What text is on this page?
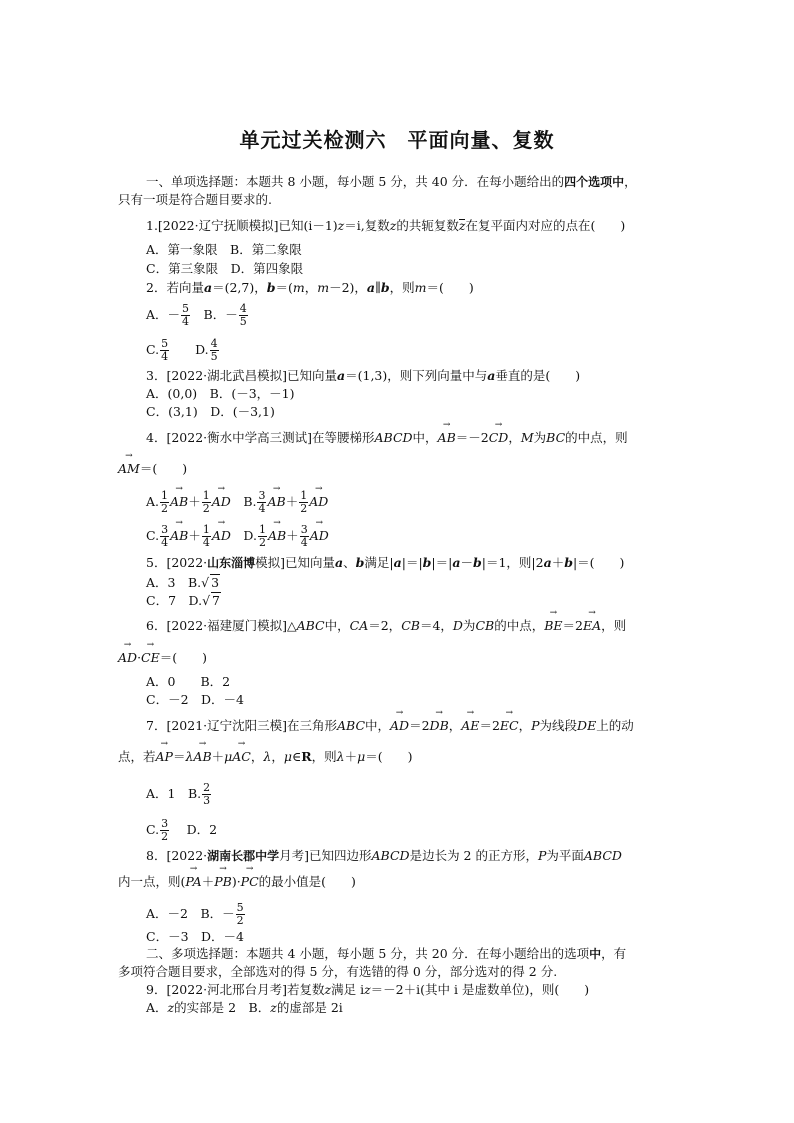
单元过关检测六　平面向量、复数
一、单项选择题：本题共 8 小题，每小题 5 分，共 40 分．在每小题给出的四个选项中，
只有一项是符合题目要求的.
1.[2022·辽宁抚顺模拟]已知(i－1)z＝i,复数z的共轭复数z在复平面内对应的点在(　　)
A．第一象限　B．第二象限
C．第三象限　D．第四象限
2．若向量a＝(2,7)，b＝(m，m－2)，a∥b，则m＝(　　)
A．－ $\frac{5}{4}$ 　B．－ $\frac{4}{5}$
C. $\frac{5}{4}$ 　　D. $\frac{4}{5}$
3．[2022·湖北武昌模拟]已知向量a＝(1,3)，则下列向量中与a垂直的是(　　)
A．(0,0)　B．(－3，－1)
C．(3,1)　D．(－3,1)
4．[2022·衡水中学高三测试]在等腰梯形ABCD中，→ AB＝－2→ CD，M为BC的中点，则
→ AM＝(　　)
A. $\frac{1}{2}$
→ $AB+ \frac{1}{2}$
→ AD　B. $\frac{3}{4}$
→ $AB+ \frac{1}{2}$
→ AD
C. $\frac{3}{4}$
→ $AB+ \frac{1}{4}$
→ AD　D. $\frac{1}{2}$
→ $AB+ \frac{3}{4}$
→ AD
5．[2022·山东淄博模拟]已知向量a、b满足|a|＝|b|＝|a－b|＝1，则|2a＋b|＝(　　)
A．3　B.√ 3
C．7　D.√ 7
6．[2022·福建厦门模拟]△ABC中，CA＝2，CB＝4，D为CB的中点，→ BE＝2→ EA，则
→ AD·→ CE＝(　　)
A．0　　B．2
C．－2　D．－4
7．[2021·辽宁沈阳三模]在三角形ABC中，→ AD＝2→ DB，→ AE＝2→ EC，P为线段DE上的动
点，若→ AP＝λ→ AB＋μ→ AC，λ，μ∈R，则λ＋μ＝(　　)
A．1　B. $\frac{2}{3}$
C. $\frac{3}{2}$ 　 D．2
8．[2022·湖南长郡中学月考]已知四边形ABCD是边长为 2 的正方形，P为平面ABCD
内一点，则(→ PA＋→ PB)·→ PC的最小值是(　　)
A．－2　B．－ $\frac{5}{2}$
C．－3　D．－4
二、多项选择题：本题共 4 小题，每小题 5 分，共 20 分．在每小题给出的选项中，有
多项符合题目要求，全部选对的得 5 分，有选错的得 0 分，部分选对的得 2 分.
9．[2022·河北邢台月考]若复数z满足 iz＝－2＋i(其中 i 是虚数单位)，则(　　)
A．z的实部是 2　B．z的虚部是 2i
